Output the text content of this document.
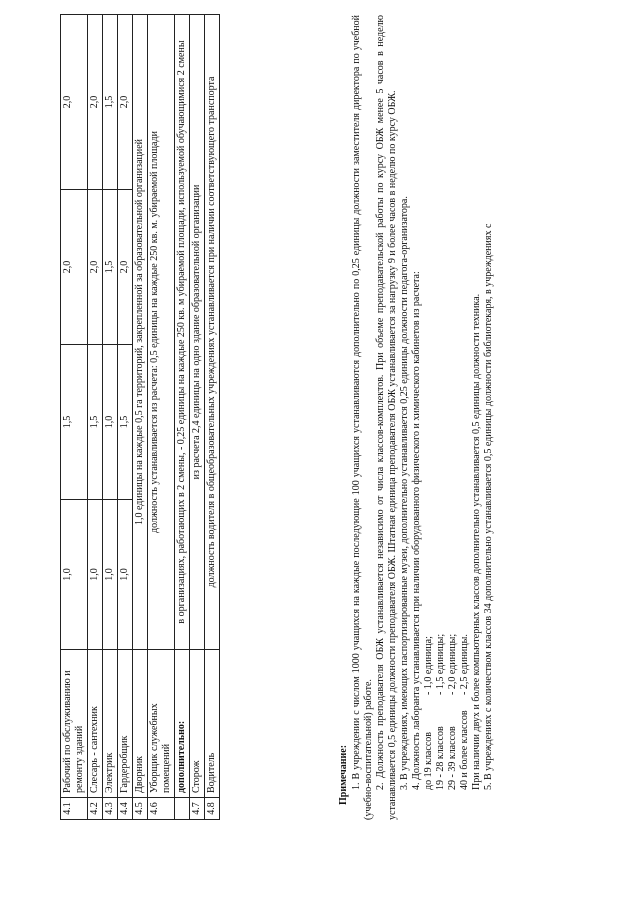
4.1	Рабочий по обслуживанию и ремонту зданий	1,0	1,5	2,0	2,0
4.2	Слесарь - сантехник	1,0	1,5	2,0	2,0
4.3	Электрик	1,0	1,0	1,5	1,5
4.4	Гардеробщик	1,0	1,5	2,0	2,0
4.5	Дворник	1,0 единицы на каждые 0,5 га территорий, закрепленной за образовательной организацией			
4.6	Уборщик служебных помещений	должность устанавливается из расчета: 0,5 единицы на каждые 250 кв. м. убираемой площади			
	дополнительно:	в организациях, работающих в 2 смены, - 0,25 единицы на каждые 250 кв. м убираемой площади, используемой обучающимися 2 смены			
4.7	Сторож	из расчета 2,4 единицы на одно здание образовательной организации			
4.8	Водитель	должность водителя в общеобразовательных учреждениях устанавливается при наличии соответствующего транспорта			

Примечание: 1. В учреждении с числом 1000 учащихся на каждые последующие 100 учащихся устанавливаются дополнительно по 0,25 единицы должности заместителя директора по учебной (учебно-воспитательной) работе. 2. Должность преподавателя ОБЖ устанавливается независимо от числа классов-комплектов. При объеме преподавательской работы по курсу ОБЖ менее 5 часов в неделю устанавливается 0,5 единицы должности преподавателя ОБЖ. Штатная единица преподавателя ОБЖ устанавливается за нагрузку 9 и более часов в неделю по курсу ОБЖ. 3. В учреждениях, имеющих паспортизированные музеи, дополнительно устанавливается 0,25 единицы должности педагога-организатора. 4. Должность лаборанта устанавливается при наличии оборудованного физического и химического кабинетов из расчета: до 19 классов
- 1,0 единица;
19 - 28 классов
- 1,5 единицы;
29 - 39 классов
- 2,0 единицы;
40 и более классов
- 2,5 единицы. При наличии двух и более компьютерных классов дополнительно устанавливается 0,5 единицы должности техника. 5. В учреждениях с количеством классов 34 дополнительно устанавливается 0,5 единицы должности библиотекаря, в учреждениях с
